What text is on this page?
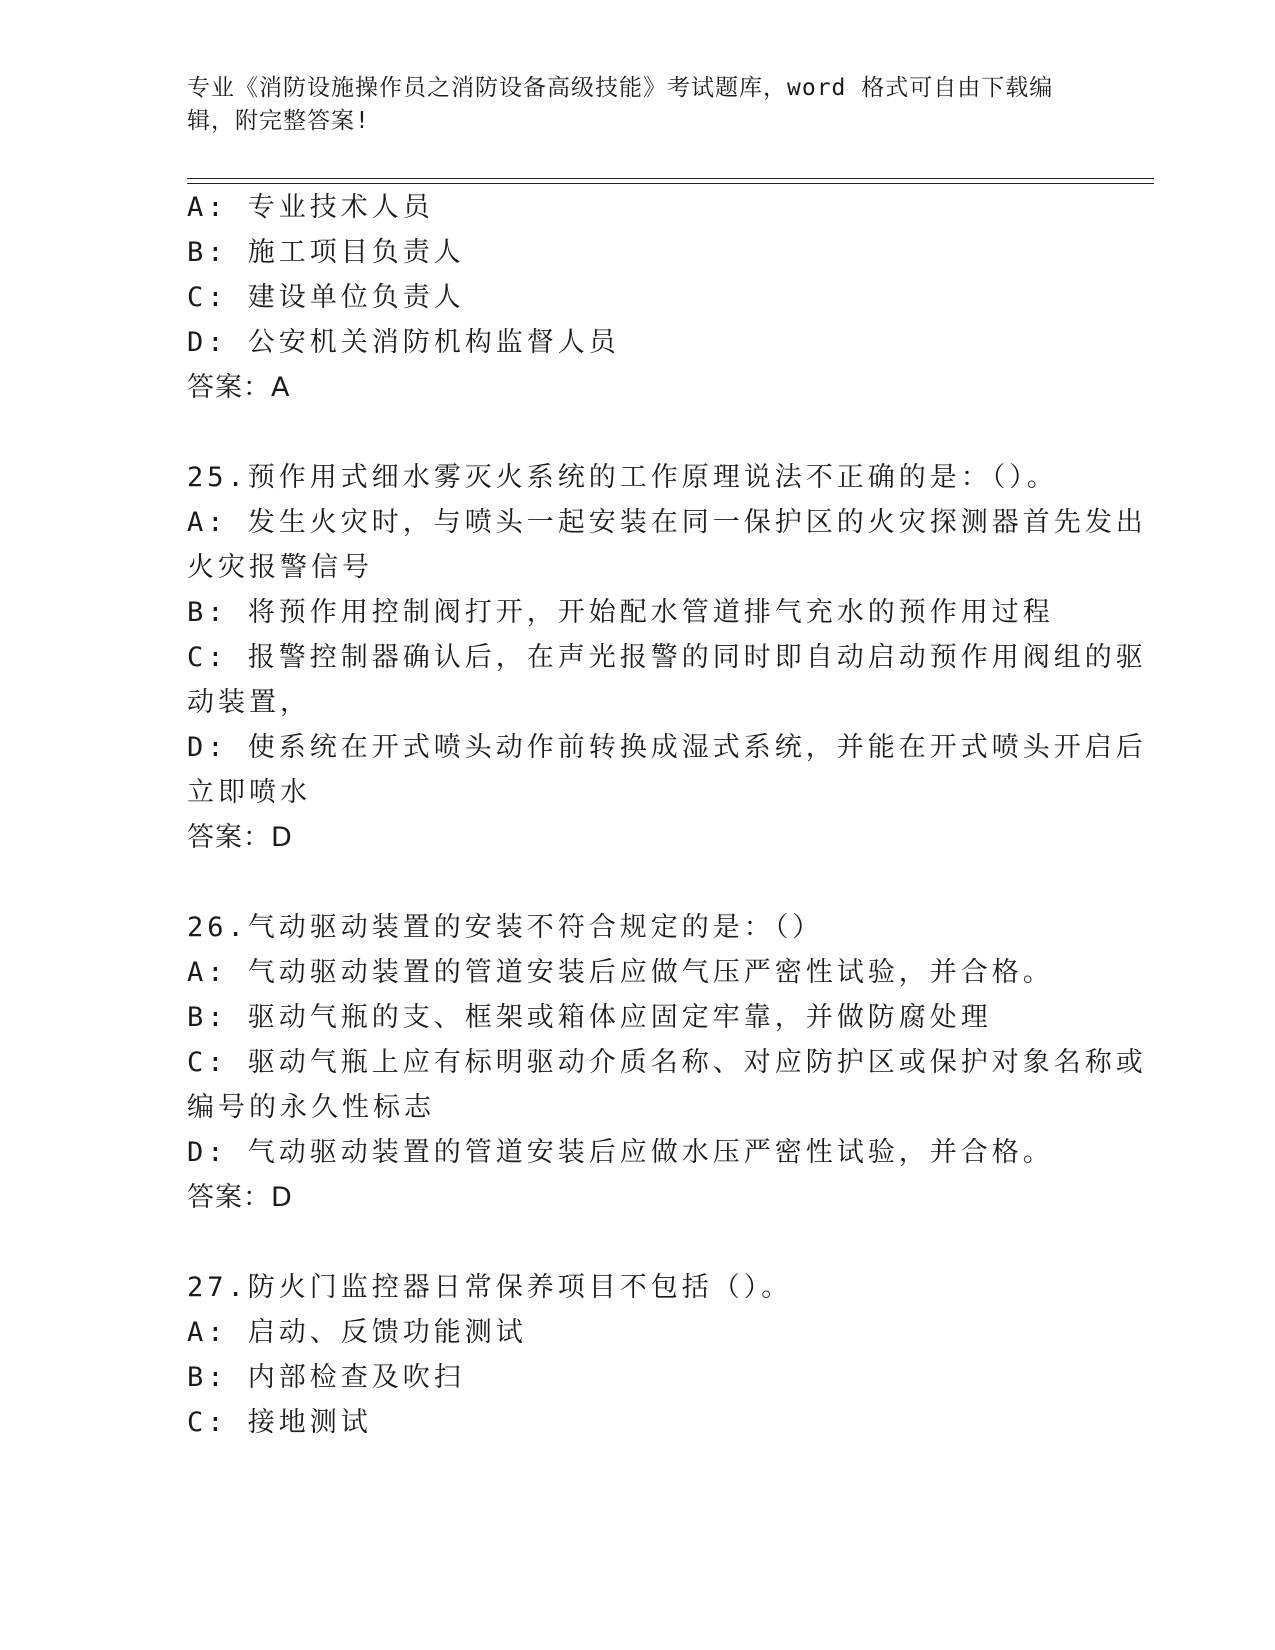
专业《消防设施操作员之消防设备高级技能》考试题库，word 格式可自由下载编辑，附完整答案!
A: 专业技术人员
B: 施工项目负责人
C: 建设单位负责人
D: 公安机关消防机构监督人员
答案：A
25.预作用式细水雾灭火系统的工作原理说法不正确的是：（）。
A: 发生火灾时，与喷头一起安装在同一保护区的火灾探测器首先发出
火灾报警信号
B: 将预作用控制阀打开，开始配水管道排气充水的预作用过程
C: 报警控制器确认后，在声光报警的同时即自动启动预作用阀组的驱
动装置，
D: 使系统在开式喷头动作前转换成湿式系统，并能在开式喷头开启后
立即喷水
答案：D
26.气动驱动装置的安装不符合规定的是：（）
A: 气动驱动装置的管道安装后应做气压严密性试验，并合格。
B: 驱动气瓶的支、框架或箱体应固定牢靠，并做防腐处理
C: 驱动气瓶上应有标明驱动介质名称、对应防护区或保护对象名称或
编号的永久性标志
D: 气动驱动装置的管道安装后应做水压严密性试验，并合格。
答案：D
27.防火门监控器日常保养项目不包括（）。
A: 启动、反馈功能测试
B: 内部检查及吹扫
C: 接地测试
